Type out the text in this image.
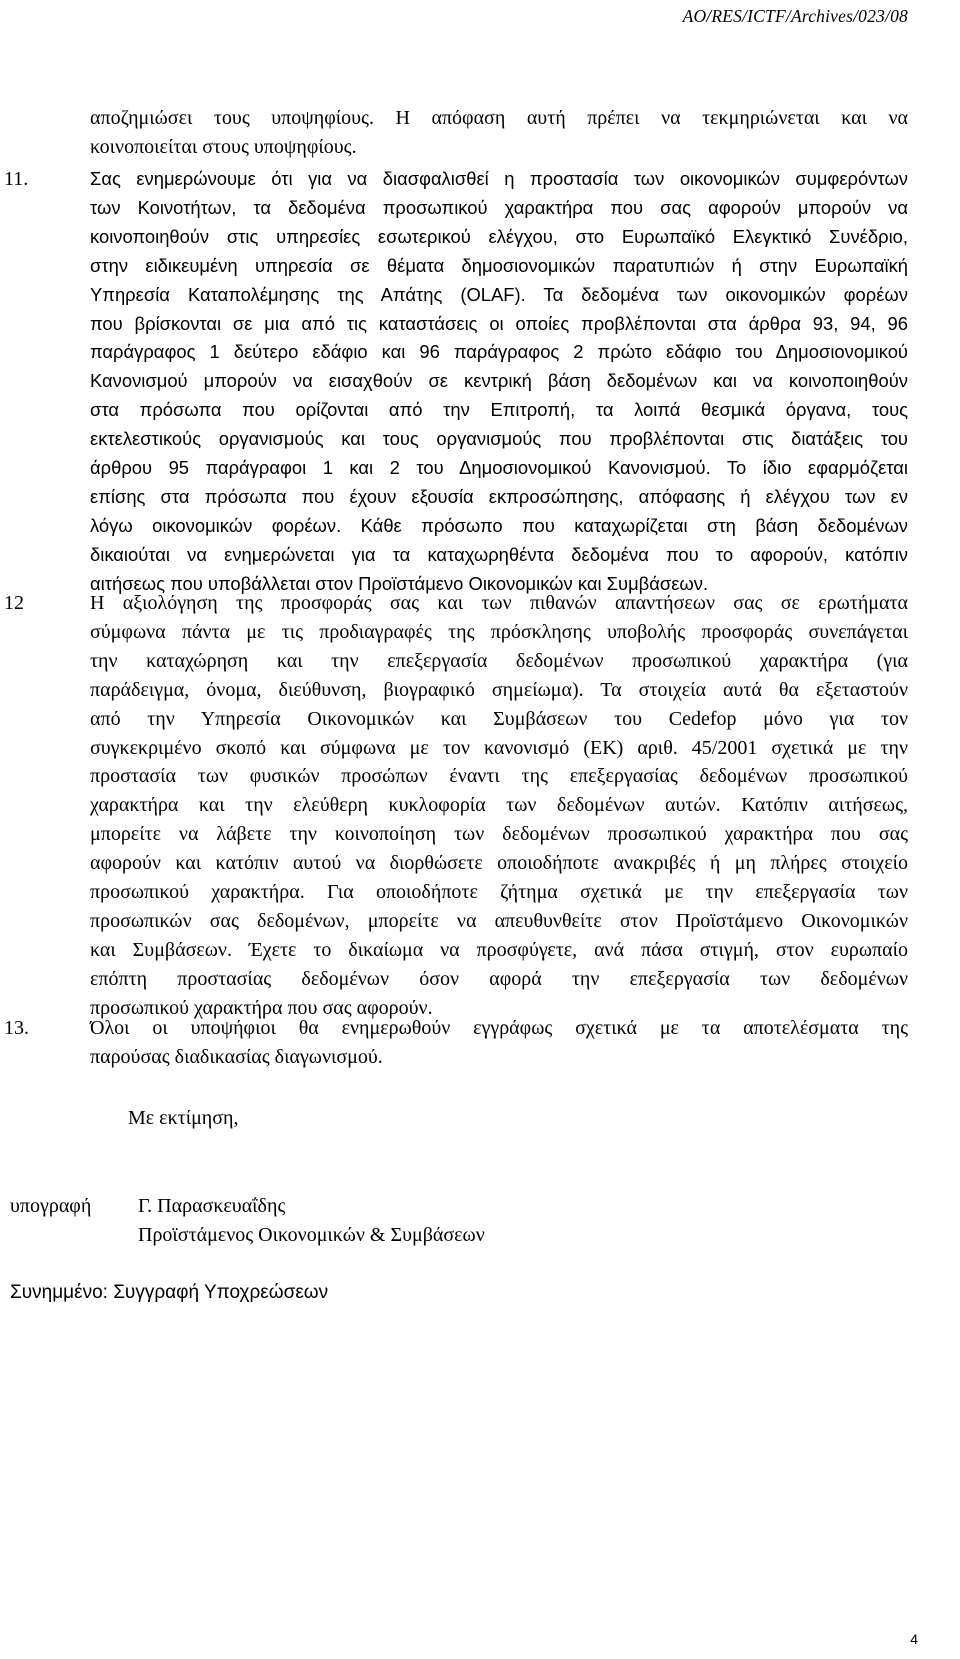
AO/RES/ICTF/Archives/023/08
αποζημιώσει τους υποψηφίους. Η απόφαση αυτή πρέπει να τεκμηριώνεται και να
κοινοποιείται στους υποψηφίους.
11.	Σας ενημερώνουμε ότι για να διασφαλισθεί η προστασία των οικονομικών συμφερόντων
των Κοινοτήτων, τα δεδομένα προσωπικού χαρακτήρα που σας αφορούν μπορούν να
κοινοποιηθούν στις υπηρεσίες εσωτερικού ελέγχου, στο Ευρωπαϊκό Ελεγκτικό Συνέδριο,
στην ειδικευμένη υπηρεσία σε θέματα δημοσιονομικών παρατυπιών ή στην Ευρωπαϊκή
Υπηρεσία Καταπολέμησης της Απάτης (OLAF). Τα δεδομένα των οικονομικών φορέων
που βρίσκονται σε μια από τις καταστάσεις οι οποίες προβλέπονται στα άρθρα 93, 94, 96
παράγραφος 1 δεύτερο εδάφιο και 96 παράγραφος 2 πρώτο εδάφιο του Δημοσιονομικού
Κανονισμού μπορούν να εισαχθούν σε κεντρική βάση δεδομένων και να κοινοποιηθούν
στα πρόσωπα που ορίζονται από την Επιτροπή, τα λοιπά θεσμικά όργανα, τους
εκτελεστικούς οργανισμούς και τους οργανισμούς που προβλέπονται στις διατάξεις του
άρθρου 95 παράγραφοι 1 και 2 του Δημοσιονομικού Κανονισμού. Το ίδιο εφαρμόζεται
επίσης στα πρόσωπα που έχουν εξουσία εκπροσώπησης, απόφασης ή ελέγχου των εν
λόγω οικονομικών φορέων. Κάθε πρόσωπο που καταχωρίζεται στη βάση δεδομένων
δικαιούται να ενημερώνεται για τα καταχωρηθέντα δεδομένα που το αφορούν, κατόπιν
αιτήσεως που υποβάλλεται στον Προϊστάμενο Οικονομικών και Συμβάσεων.
12	Η αξιολόγηση της προσφοράς σας και των πιθανών απαντήσεων σας σε ερωτήματα
σύμφωνα πάντα με τις προδιαγραφές της πρόσκλησης υποβολής προσφοράς συνεπάγεται
την καταχώρηση και την επεξεργασία δεδομένων προσωπικού χαρακτήρα (για
παράδειγμα, όνομα, διεύθυνση, βιογραφικό σημείωμα). Τα στοιχεία αυτά θα εξεταστούν
από την Υπηρεσία Οικονομικών και Συμβάσεων του Cedefop μόνο για τον
συγκεκριμένο σκοπό και σύμφωνα με τον κανονισμό (ΕΚ) αριθ. 45/2001 σχετικά με την
προστασία των φυσικών προσώπων έναντι της επεξεργασίας δεδομένων προσωπικού
χαρακτήρα και την ελεύθερη κυκλοφορία των δεδομένων αυτών. Κατόπιν αιτήσεως,
μπορείτε να λάβετε την κοινοποίηση των δεδομένων προσωπικού χαρακτήρα που σας
αφορούν και κατόπιν αυτού να διορθώσετε οποιοδήποτε ανακριβές ή μη πλήρες στοιχείο
προσωπικού χαρακτήρα. Για οποιοδήποτε ζήτημα σχετικά με την επεξεργασία των
προσωπικών σας δεδομένων, μπορείτε να απευθυνθείτε στον Προϊστάμενο Οικονομικών
και Συμβάσεων. Έχετε το δικαίωμα να προσφύγετε, ανά πάσα στιγμή, στον ευρωπαίο
επόπτη προστασίας δεδομένων όσον αφορά την επεξεργασία των δεδομένων
προσωπικού χαρακτήρα που σας αφορούν.
13.	Όλοι οι υποψήφιοι θα ενημερωθούν εγγράφως σχετικά με τα αποτελέσματα της
παρούσας διαδικασίας διαγωνισμού.
Με εκτίμηση,
υπογραφή Γ. Παρασκευαΐδης
Προϊστάμενος Οικονομικών & Συμβάσεων
Συνημμένο: Συγγραφή Υποχρεώσεων
4
